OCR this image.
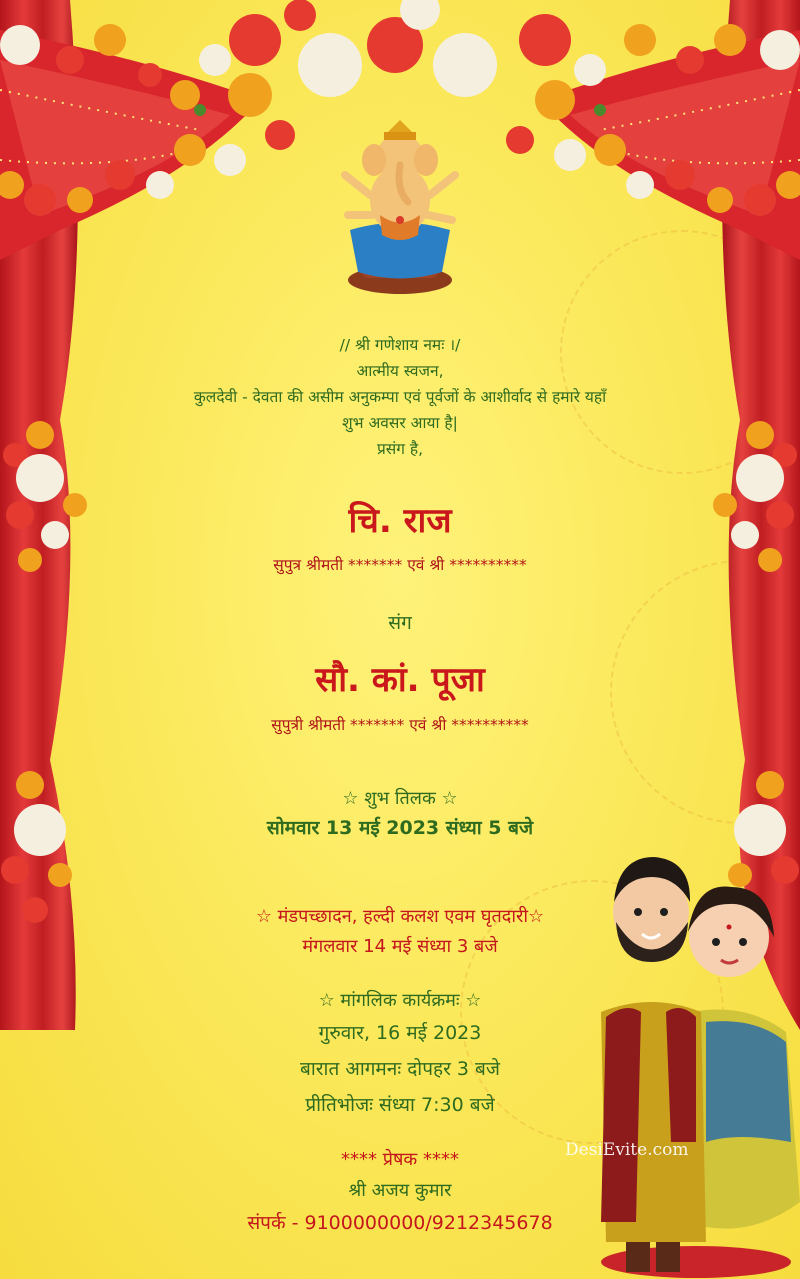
// श्री गणेशाय नमः ।/
आत्मीय स्वजन,
कुलदेवी - देवता की असीम अनुकम्पा एवं पूर्वजों के आशीर्वाद से हमारे यहाँ
शुभ अवसर आया है|
प्रसंग है,
चि. राज
सुपुत्र श्रीमती ******* एवं श्री **********
संग
सौ. कां. पूजा
सुपुत्री श्रीमती ******* एवं श्री **********
☆ शुभ तिलक ☆
सोमवार 13 मई 2023 संध्या 5 बजे
☆ मंडपच्छादन, हल्दी कलश एवम घृतदारी☆
मंगलवार 14 मई संध्या 3 बजे
☆ मांगलिक कार्यक्रमः ☆
गुरुवार, 16 मई 2023
बारात आगमनः दोपहर 3 बजे
प्रीतिभोजः संध्या 7:30 बजे
**** प्रेषक ****
श्री अजय कुमार
संपर्क - 9100000000/9212345678
DesiEvite.com
